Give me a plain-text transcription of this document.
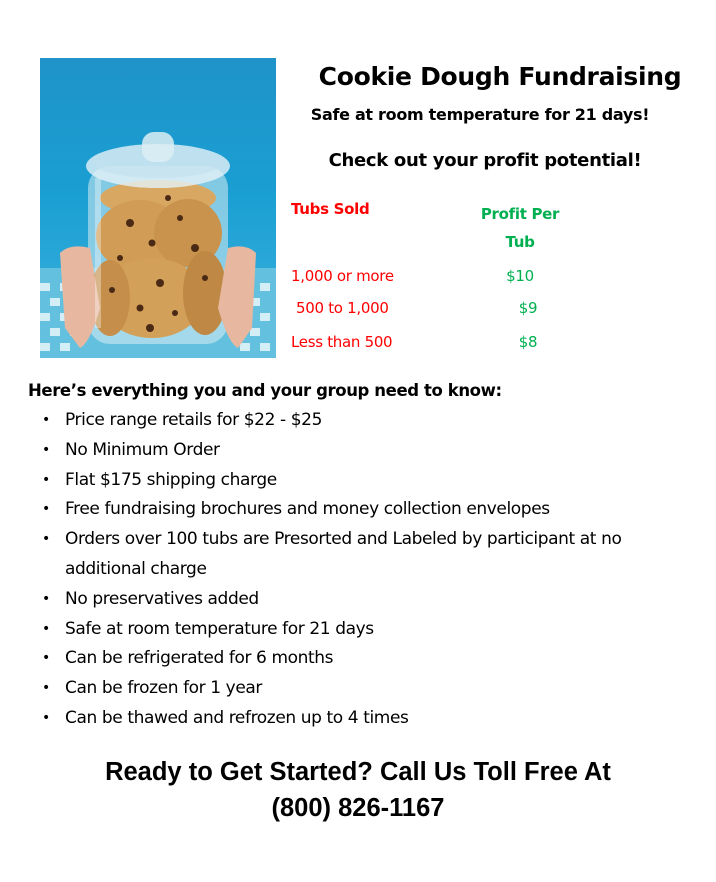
Cookie Dough Fundraising
Safe at room temperature for 21 days!
Check out your profit potential!
Tubs Sold	Profit Per
Tub
1,000 or more	$10
500 to 1,000	$9
Less than 500	$8
Here’s everything you and your group need to know:
• Price range retails for $22 - $25
• No Minimum Order
• Flat $175 shipping charge
• Free fundraising brochures and money collection envelopes
• Orders over 100 tubs are Presorted and Labeled by participant at no additional charge
• No preservatives added
• Safe at room temperature for 21 days
• Can be refrigerated for 6 months
• Can be frozen for 1 year
• Can be thawed and refrozen up to 4 times
Ready to Get Started? Call Us Toll Free At
(800) 826-1167
